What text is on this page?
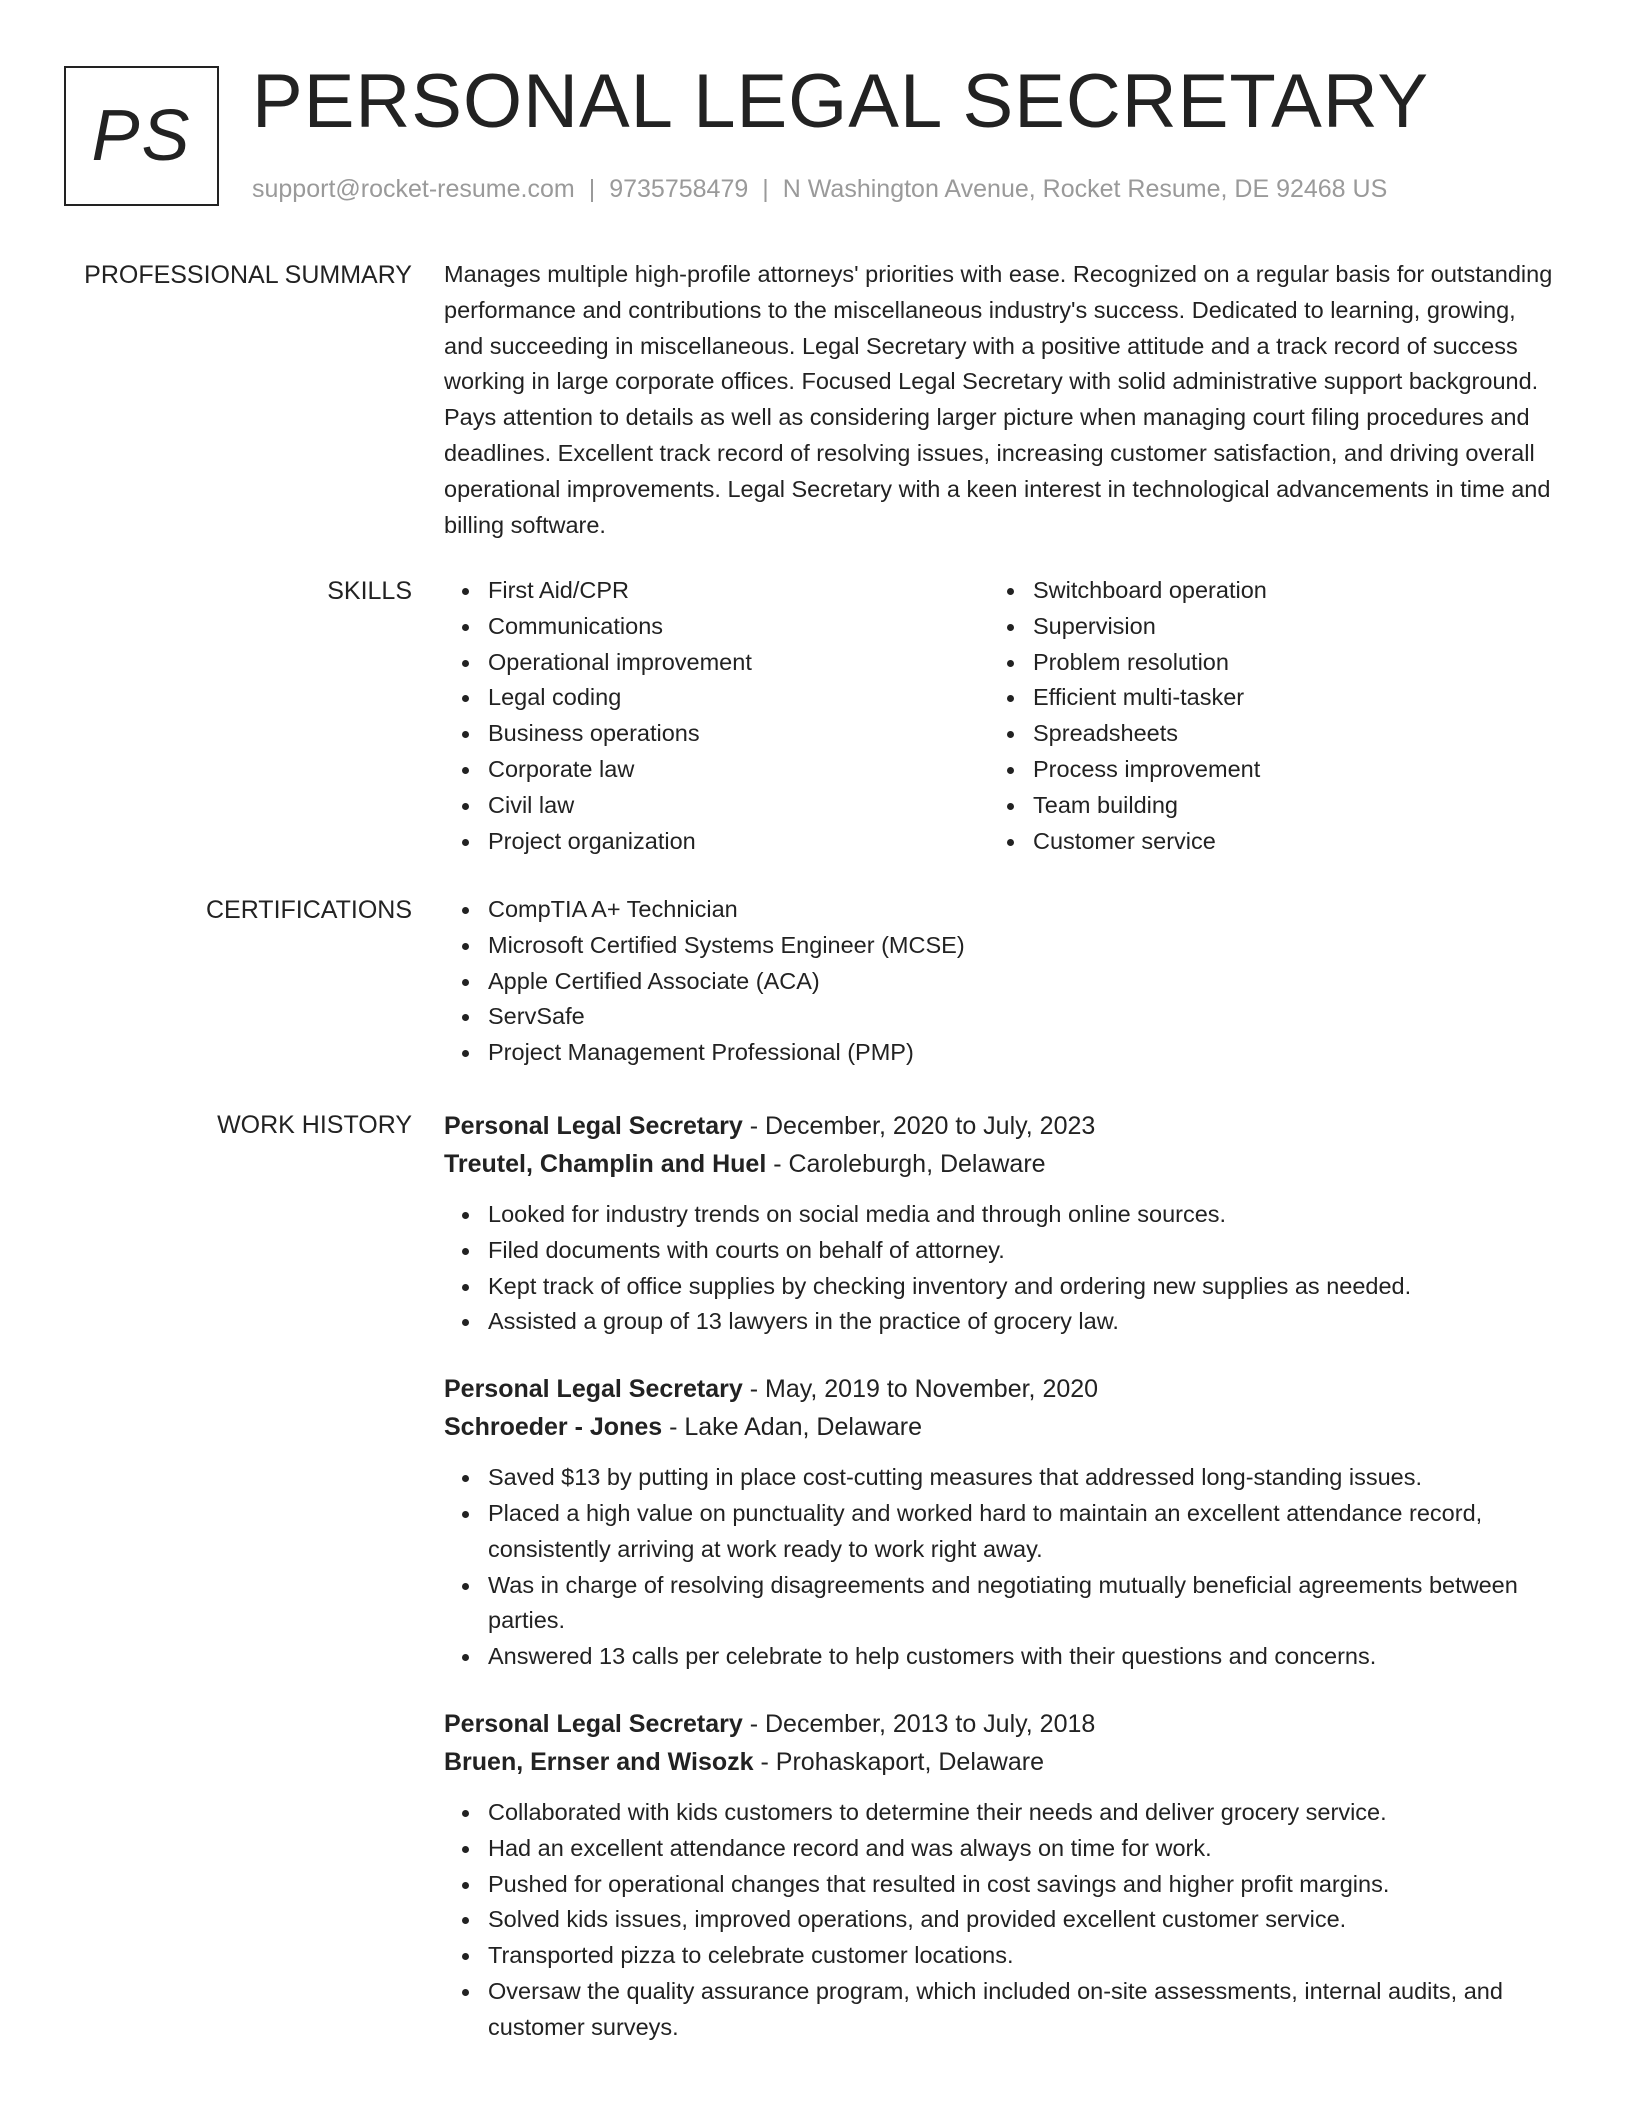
PS PERSONAL LEGAL SECRETARY
support@rocket-resume.com | 9735758479 | N Washington Avenue, Rocket Resume, DE 92468 US
PROFESSIONAL SUMMARY Manages multiple high-profile attorneys' priorities with ease. Recognized on a regular basis for outstanding performance and contributions to the miscellaneous industry's success. Dedicated to learning, growing, and succeeding in miscellaneous. Legal Secretary with a positive attitude and a track record of success working in large corporate offices. Focused Legal Secretary with solid administrative support background. Pays attention to details as well as considering larger picture when managing court filing procedures and deadlines. Excellent track record of resolving issues, increasing customer satisfaction, and driving overall operational improvements. Legal Secretary with a keen interest in technological advancements in time and billing software.

SKILLS	First Aid/CPR
Communications
Operational improvement
Legal coding
Business operations
Corporate law
Civil law
Project organization
Switchboard operation
Supervision
Problem resolution
Efficient multi-tasker
Spreadsheets
Process improvement
Team building
Customer service
CERTIFICATIONS	CompTIA A+ Technician
Microsoft Certified Systems Engineer (MCSE)
Apple Certified Associate (ACA)
ServSafe
Project Management Professional (PMP)
WORK HISTORY Personal Legal Secretary - December, 2020 to July, 2023
Treutel, Champlin and Huel - Caroleburgh, Delaware
Looked for industry trends on social media and through online sources.
Filed documents with courts on behalf of attorney.
Kept track of office supplies by checking inventory and ordering new supplies as needed.
Assisted a group of 13 lawyers in the practice of grocery law.
Personal Legal Secretary - May, 2019 to November, 2020
Schroeder - Jones - Lake Adan, Delaware
Saved $13 by putting in place cost-cutting measures that addressed long-standing issues.
Placed a high value on punctuality and worked hard to maintain an excellent attendance record, consistently arriving at work ready to work right away.
Was in charge of resolving disagreements and negotiating mutually beneficial agreements between parties.
Answered 13 calls per celebrate to help customers with their questions and concerns.
Personal Legal Secretary - December, 2013 to July, 2018
Bruen, Ernser and Wisozk - Prohaskaport, Delaware
Collaborated with kids customers to determine their needs and deliver grocery service.
Had an excellent attendance record and was always on time for work.
Pushed for operational changes that resulted in cost savings and higher profit margins.
Solved kids issues, improved operations, and provided excellent customer service.
Transported pizza to celebrate customer locations.
Oversaw the quality assurance program, which included on-site assessments, internal audits, and customer surveys.
